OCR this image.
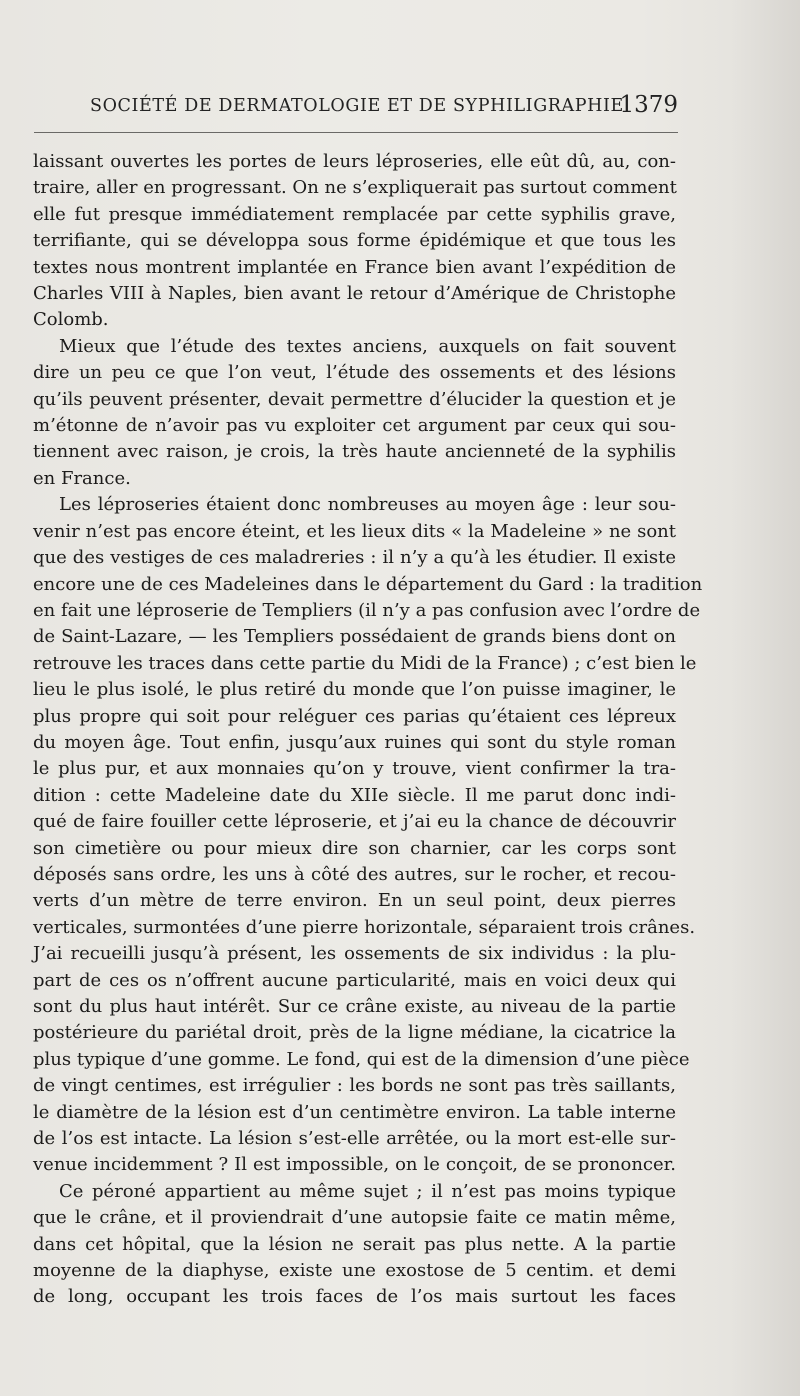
SOCIÉTÉ DE DERMATOLOGIE ET DE SYPHILIGRAPHIE
1379

laissant ouvertes les portes de leurs léproseries, elle eût dû, au, con-

traire, aller en progressant. On ne s’expliquerait pas surtout comment

elle fut presque immédiatement remplacée par cette syphilis grave,

terrifiante, qui se développa sous forme épidémique et que tous les

textes nous montrent implantée en France bien avant l’expédition de

Charles VIII à Naples, bien avant le retour d’Amérique de Christophe

Colomb.

Mieux que l’étude des textes anciens, auxquels on fait souvent

dire un peu ce que l’on veut, l’étude des ossements et des lésions

qu’ils peuvent présenter, devait permettre d’élucider la question et je

m’étonne de n’avoir pas vu exploiter cet argument par ceux qui sou-

tiennent avec raison, je crois, la très haute ancienneté de la syphilis

en France.

Les léproseries étaient donc nombreuses au moyen âge : leur sou-

venir n’est pas encore éteint, et les lieux dits « la Madeleine » ne sont

que des vestiges de ces maladreries : il n’y a qu’à les étudier. Il existe

encore une de ces Madeleines dans le département du Gard : la tradition

en fait une léproserie de Templiers (il n’y a pas confusion avec l’ordre de

de Saint-Lazare, — les Templiers possédaient de grands biens dont on

retrouve les traces dans cette partie du Midi de la France) ; c’est bien le

lieu le plus isolé, le plus retiré du monde que l’on puisse imaginer, le

plus propre qui soit pour reléguer ces parias qu’étaient ces lépreux

du moyen âge. Tout enfin, jusqu’aux ruines qui sont du style roman

le plus pur, et aux monnaies qu’on y trouve, vient confirmer la tra-

dition : cette Madeleine date du XIIe siècle. Il me parut donc indi-

qué de faire fouiller cette léproserie, et j’ai eu la chance de découvrir

son cimetière ou pour mieux dire son charnier, car les corps sont

déposés sans ordre, les uns à côté des autres, sur le rocher, et recou-

verts d’un mètre de terre environ. En un seul point, deux pierres

verticales, surmontées d’une pierre horizontale, séparaient trois crânes.

J’ai recueilli jusqu’à présent, les ossements de six individus : la plu-

part de ces os n’offrent aucune particularité, mais en voici deux qui

sont du plus haut intérêt. Sur ce crâne existe, au niveau de la partie

postérieure du pariétal droit, près de la ligne médiane, la cicatrice la

plus typique d’une gomme. Le fond, qui est de la dimension d’une pièce

de vingt centimes, est irrégulier : les bords ne sont pas très saillants,

le diamètre de la lésion est d’un centimètre environ. La table interne

de l’os est intacte. La lésion s’est-elle arrêtée, ou la mort est-elle sur-

venue incidemment ? Il est impossible, on le conçoit, de se prononcer.

Ce péroné appartient au même sujet ; il n’est pas moins typique

que le crâne, et il proviendrait d’une autopsie faite ce matin même,

dans cet hôpital, que la lésion ne serait pas plus nette. A la partie

moyenne de la diaphyse, existe une exostose de 5 centim. et demi

de long, occupant les trois faces de l’os mais surtout les faces
